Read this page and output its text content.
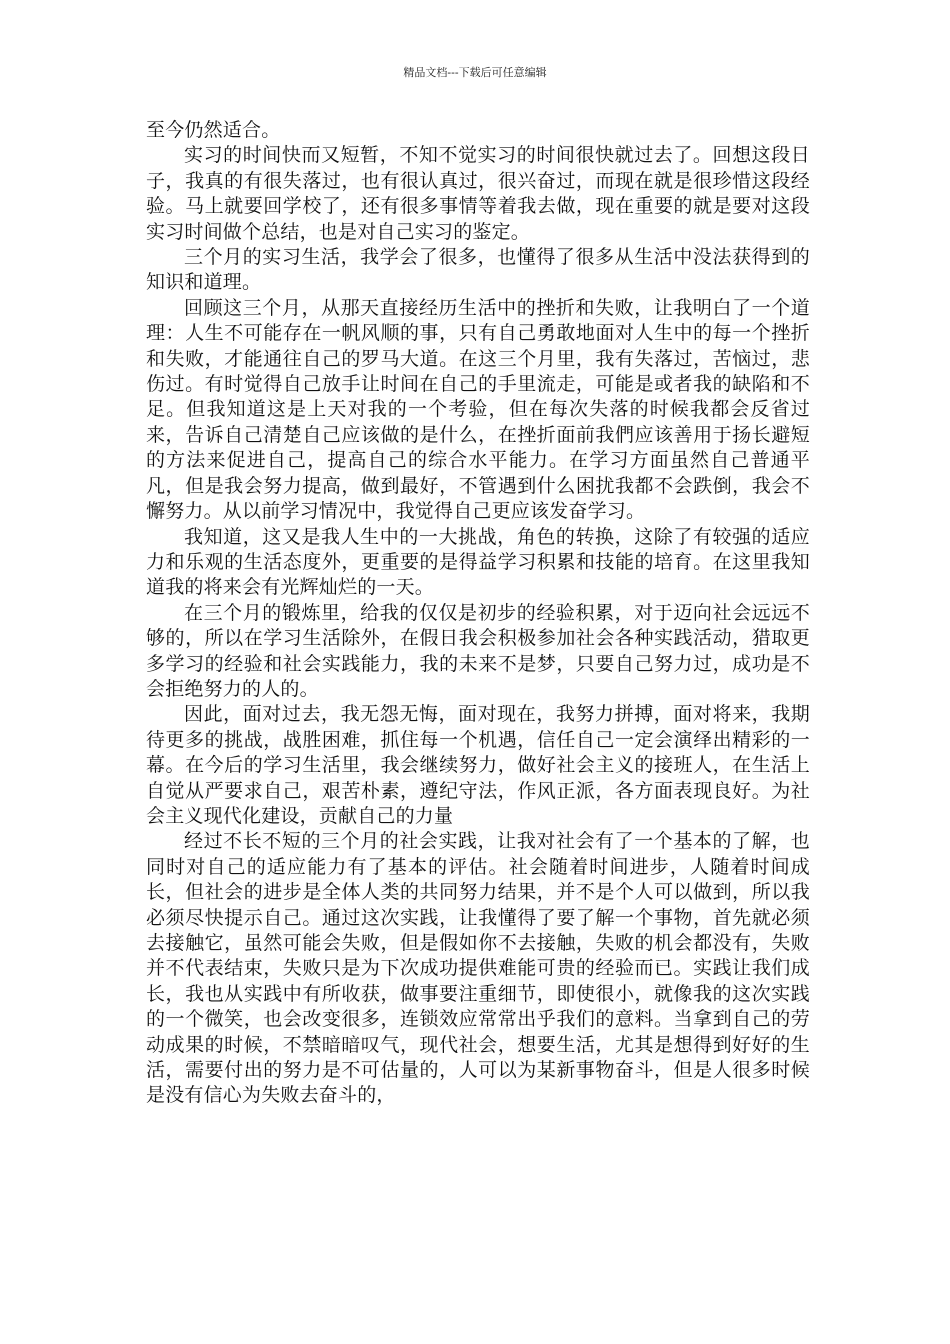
精品文档---下载后可任意编辑

至今仍然适合。

实习的时间快而又短暂，不知不觉实习的时间很快就过去了。回想这段日子，我真的有很失落过，也有很认真过，很兴奋过，而现在就是很珍惜这段经验。马上就要回学校了，还有很多事情等着我去做，现在重要的就是要对这段实习时间做个总结，也是对自己实习的鉴定。

三个月的实习生活，我学会了很多，也懂得了很多从生活中没法获得到的知识和道理。

回顾这三个月，从那天直接经历生活中的挫折和失败，让我明白了一个道理：人生不可能存在一帆风顺的事，只有自己勇敢地面对人生中的每一个挫折和失败，才能通往自己的罗马大道。在这三个月里，我有失落过，苦恼过，悲伤过。有时觉得自己放手让时间在自己的手里流走，可能是或者我的缺陷和不足。但我知道这是上天对我的一个考验，但在每次失落的时候我都会反省过来，告诉自己清楚自己应该做的是什么，在挫折面前我們应该善用于扬长避短的方法来促进自己，提高自己的综合水平能力。在学习方面虽然自己普通平凡，但是我会努力提高，做到最好，不管遇到什么困扰我都不会跌倒，我会不懈努力。从以前学习情况中，我觉得自己更应该发奋学习。

我知道，这又是我人生中的一大挑战，角色的转换，这除了有较强的适应力和乐观的生活态度外，更重要的是得益学习积累和技能的培育。在这里我知道我的将来会有光辉灿烂的一天。

在三个月的锻炼里，给我的仅仅是初步的经验积累，对于迈向社会远远不够的，所以在学习生活除外，在假日我会积极参加社会各种实践活动，猎取更多学习的经验和社会实践能力，我的未来不是梦，只要自己努力过，成功是不会拒绝努力的人的。

因此，面对过去，我无怨无悔，面对现在，我努力拼搏，面对将来，我期待更多的挑战，战胜困难，抓住每一个机遇，信任自己一定会演绎出精彩的一幕。在今后的学习生活里，我会继续努力，做好社会主义的接班人，在生活上自觉从严要求自己，艰苦朴素，遵纪守法，作风正派，各方面表现良好。为社会主义现代化建设，贡献自己的力量

经过不长不短的三个月的社会实践，让我对社会有了一个基本的了解，也同时对自己的适应能力有了基本的评估。社会随着时间进步，人随着时间成长，但社会的进步是全体人类的共同努力结果，并不是个人可以做到，所以我必须尽快提示自己。通过这次实践，让我懂得了要了解一个事物，首先就必须去接触它，虽然可能会失败，但是假如你不去接触，失败的机会都没有，失败并不代表结束，失败只是为下次成功提供难能可贵的经验而已。实践让我们成长，我也从实践中有所收获，做事要注重细节，即使很小，就像我的这次实践的一个微笑，也会改变很多，连锁效应常常出乎我们的意料。当拿到自己的劳动成果的时候，不禁暗暗叹气，现代社会，想要生活，尤其是想得到好好的生活，需要付出的努力是不可估量的，人可以为某新事物奋斗，但是人很多时候是没有信心为失败去奋斗的，
